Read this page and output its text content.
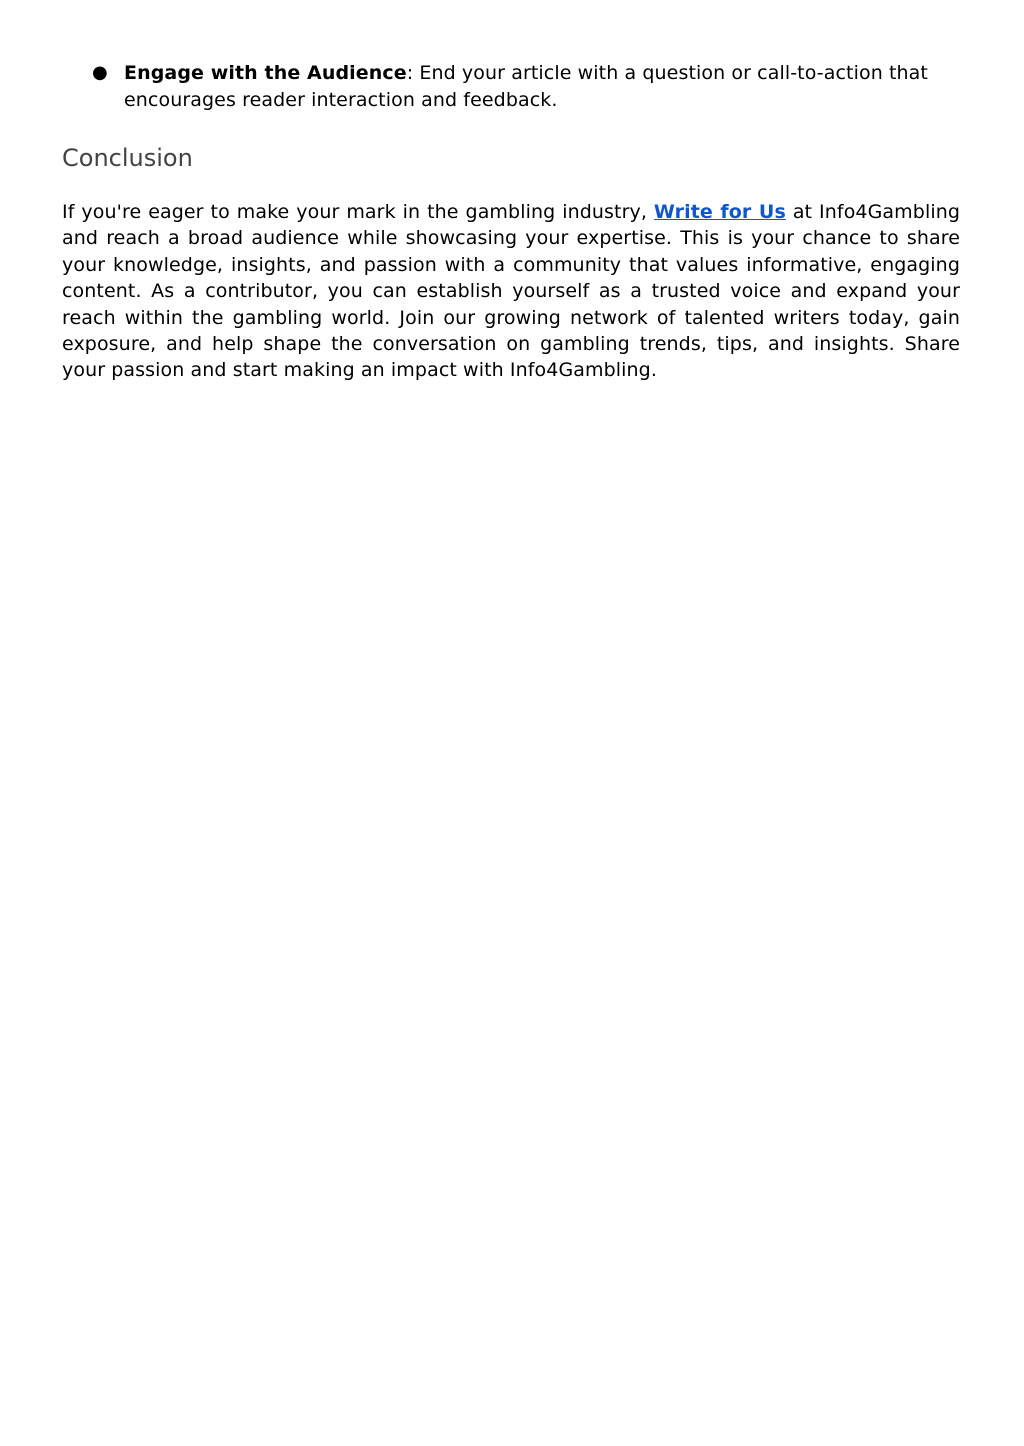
● Engage with the Audience: End your article with a question or call-to-action that encourages reader interaction and feedback.
Conclusion

If you're eager to make your mark in the gambling industry, Write for Us at Info4Gambling and reach a broad audience while showcasing your expertise. This is your chance to share your knowledge, insights, and passion with a community that values informative, engaging content. As a contributor, you can establish yourself as a trusted voice and expand your reach within the gambling world. Join our growing network of talented writers today, gain exposure, and help shape the conversation on gambling trends, tips, and insights. Share your passion and start making an impact with Info4Gambling.
